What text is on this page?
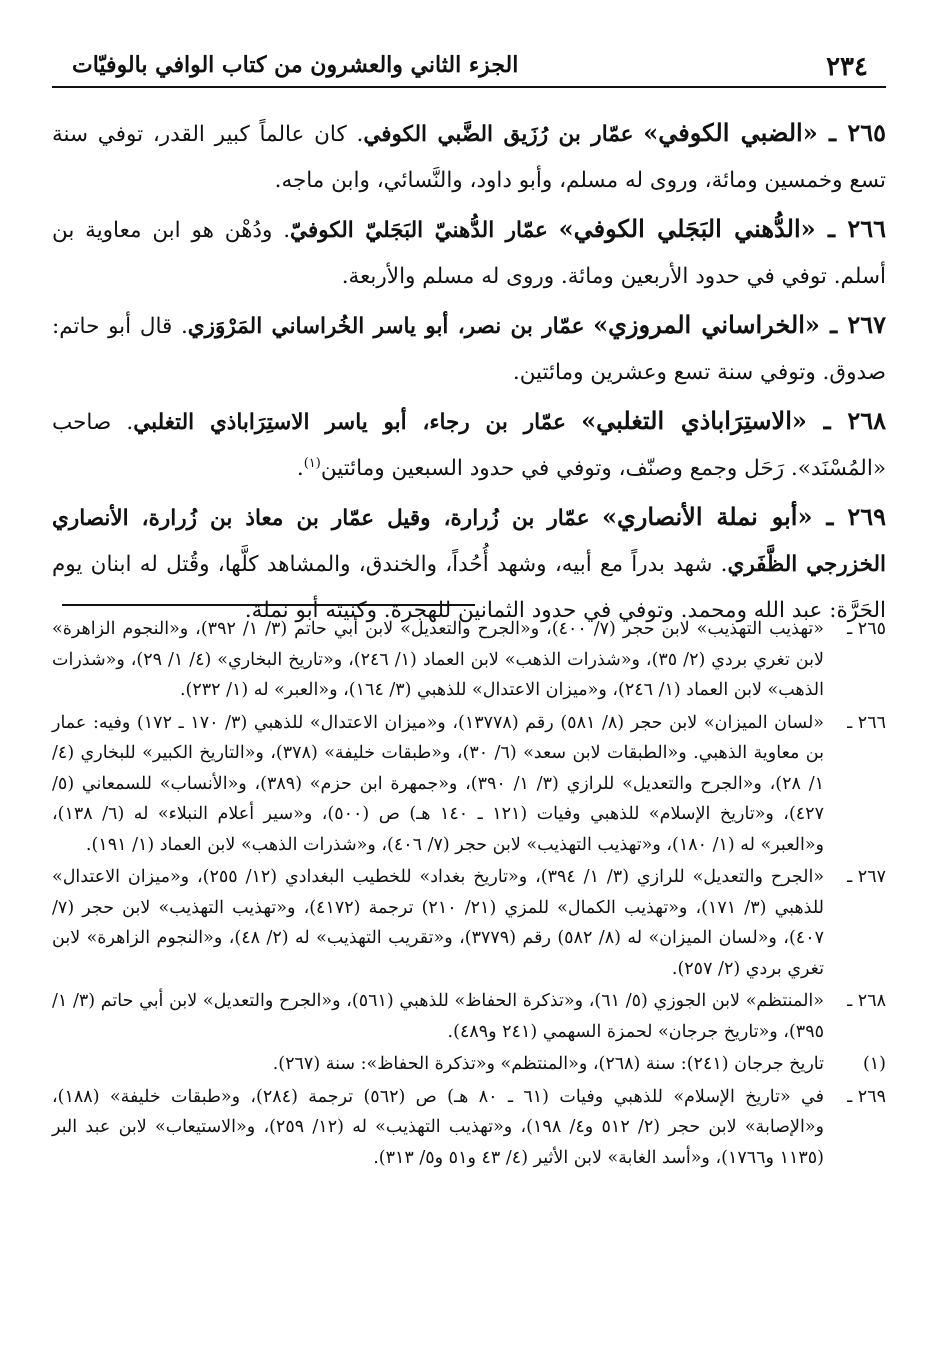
٢٣٤
الجزء الثاني والعشرون من كتاب الوافي بالوفيّات

٢٦٥ ـ «الضبي الكوفي» عمّار بن رُزَيق الضَّبي الكوفي. كان عالماً كبير القدر، توفي سنة تسع وخمسين ومائة، وروى له مسلم، وأبو داود، والنَّسائي، وابن ماجه.

٢٦٦ ـ «الدُّهني البَجَلي الكوفي» عمّار الدُّهنيّ البَجَليّ الكوفيّ. ودُهْن هو ابن معاوية بن أسلم. توفي في حدود الأربعين ومائة. وروى له مسلم والأربعة.

٢٦٧ ـ «الخراساني المروزي» عمّار بن نصر، أبو ياسر الخُراساني المَرْوَزي. قال أبو حاتم: صدوق. وتوفي سنة تسع وعشرين ومائتين.

٢٦٨ ـ «الاستِرَاباذي التغلبي» عمّار بن رجاء، أبو ياسر الاستِرَاباذي التغلبي. صاحب «المُسْنَد». رَحَل وجمع وصنّف، وتوفي في حدود السبعين ومائتين$^{(١)}$.

٢٦٩ ـ «أبو نملة الأنصاري» عمّار بن زُرارة، وقيل عمّار بن معاذ بن زُرارة، الأنصاري الخزرجي الظَّفَري. شهد بدراً مع أبيه، وشهد أُحُداً، والخندق، والمشاهد كلَّها، وقُتل له ابنان يوم الحَرَّة: عبد الله ومحمد. وتوفي في حدود الثمانين للهجرة. وكنيته أبو نملة.

٢٦٥ ـ
«تهذيب التهذيب» لابن حجر (٧/ ٤٠٠)، و«الجرح والتعديل» لابن أبي حاتم (٣/ ١/ ٣٩٢)، و«النجوم الزاهرة» لابن تغري بردي (٢/ ٣٥)، و«شذرات الذهب» لابن العماد (١/ ٢٤٦)، و«تاريخ البخاري» (٤/ ١/ ٢٩)، و«شذرات الذهب» لابن العماد (١/ ٢٤٦)، و«ميزان الاعتدال» للذهبي (٣/ ١٦٤)، و«العبر» له (١/ ٢٣٢).
٢٦٦ ـ
«لسان الميزان» لابن حجر (٨/ ٥٨١) رقم (١٣٧٧٨)، و«ميزان الاعتدال» للذهبي (٣/ ١٧٠ ـ ١٧٢) وفيه: عمار بن معاوية الذهبي. و«الطبقات لابن سعد» (٦/ ٣٠)، و«طبقات خليفة» (٣٧٨)، و«التاريخ الكبير» للبخاري (٤/ ١/ ٢٨)، و«الجرح والتعديل» للرازي (٣/ ١/ ٣٩٠)، و«جمهرة ابن حزم» (٣٨٩)، و«الأنساب» للسمعاني (٥/ ٤٢٧)، و«تاريخ الإسلام» للذهبي وفيات (١٢١ ـ ١٤٠ هـ) ص (٥٠٠)، و«سير أعلام النبلاء» له (٦/ ١٣٨)، و«العبر» له (١/ ١٨٠)، و«تهذيب التهذيب» لابن حجر (٧/ ٤٠٦)، و«شذرات الذهب» لابن العماد (١/ ١٩١).
٢٦٧ ـ
«الجرح والتعديل» للرازي (٣/ ١/ ٣٩٤)، و«تاريخ بغداد» للخطيب البغدادي (١٢/ ٢٥٥)، و«ميزان الاعتدال» للذهبي (٣/ ١٧١)، و«تهذيب الكمال» للمزي (٢١/ ٢١٠) ترجمة (٤١٧٢)، و«تهذيب التهذيب» لابن حجر (٧/ ٤٠٧)، و«لسان الميزان» له (٨/ ٥٨٢) رقم (٣٧٧٩)، و«تقريب التهذيب» له (٢/ ٤٨)، و«النجوم الزاهرة» لابن تغري بردي (٢/ ٢٥٧).
٢٦٨ ـ
«المنتظم» لابن الجوزي (٥/ ٦١)، و«تذكرة الحفاظ» للذهبي (٥٦١)، و«الجرح والتعديل» لابن أبي حاتم (٣/ ١/ ٣٩٥)، و«تاريخ جرجان» لحمزة السهمي (٢٤١ و٤٨٩).
(١)
تاريخ جرجان (٢٤١): سنة (٢٦٨)، و«المنتظم» و«تذكرة الحفاظ»: سنة (٢٦٧).
٢٦٩ ـ
في «تاريخ الإسلام» للذهبي وفيات (٦١ ـ ٨٠ هـ) ص (٥٦٢) ترجمة (٢٨٤)، و«طبقات خليفة» (١٨٨)، و«الإصابة» لابن حجر (٢/ ٥١٢ و٤/ ١٩٨)، و«تهذيب التهذيب» له (١٢/ ٢٥٩)، و«الاستيعاب» لابن عبد البر (١١٣٥ و١٧٦٦)، و«أسد الغابة» لابن الأثير (٤/ ٤٣ و٥١ و٥/ ٣١٣).
